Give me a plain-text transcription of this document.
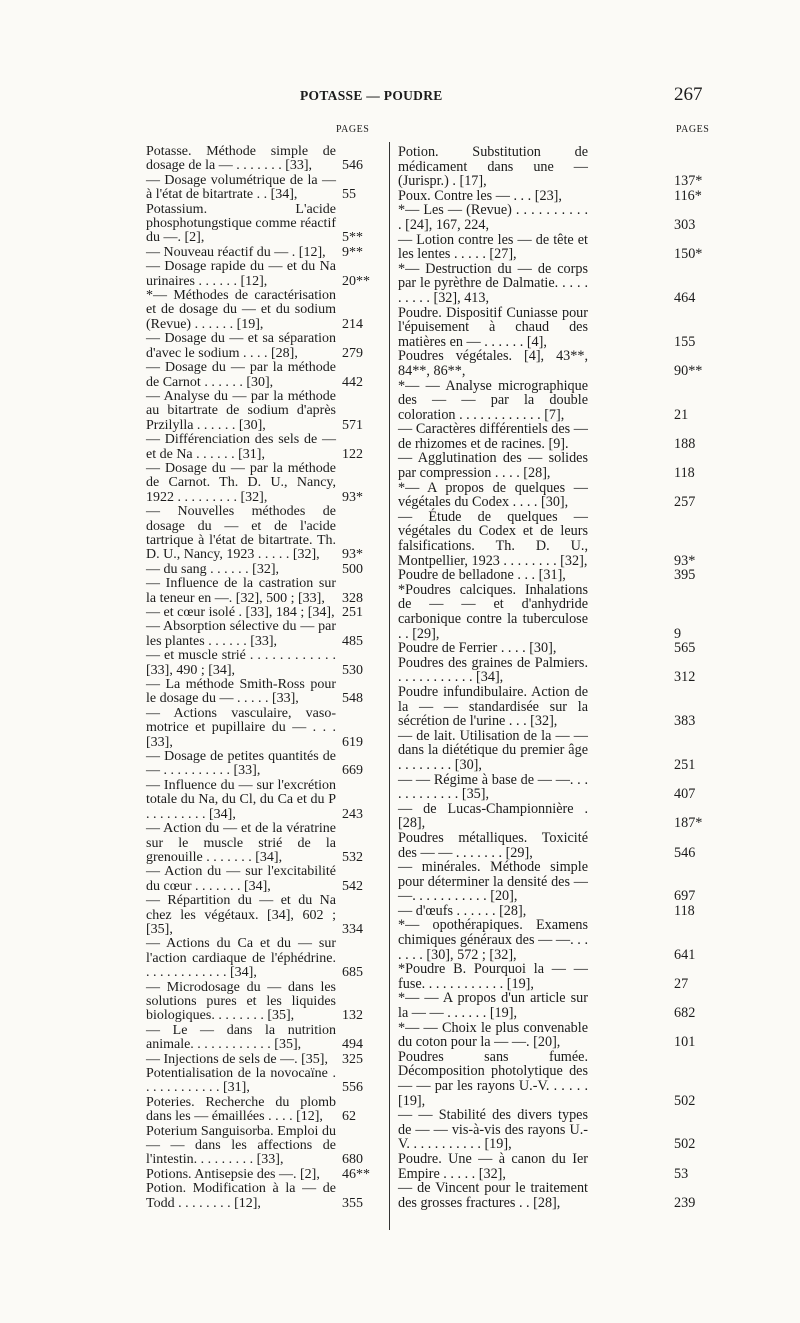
POTASSE — POUDRE	267
PAGES

Potasse. Méthode simple de dosage de la — . . . . . . . [33], 546

— Dosage volumétrique de la — à l'état de bitartrate . . [34],	55

Potassium. L'acide phosphotungstique comme réactif du —. [2],	5**

— Nouveau réactif du — . [12], 9**

— Dosage rapide du — et du Na urinaires . . . . . . [12],	20**

*— Méthodes de caractérisation et de dosage du — et du sodium (Revue) . . . . . . [19],	214

— Dosage du — et sa séparation d'avec le sodium . . . . [28],	279

— Dosage du — par la méthode de Carnot . . . . . . [30],	442

— Analyse du — par la méthode au bitartrate de sodium d'après Przilylla . . . . . . [30],	571

— Différenciation des sels de — et de Na . . . . . . [31],	122

— Dosage du — par la méthode de Carnot. Th. D. U., Nancy, 1922 . . . . . . . . . [32],	93*

— Nouvelles méthodes de dosage du — et de l'acide tartrique à l'état de bitartrate. Th. D. U., Nancy, 1923 . . . . . [32], 93*

— du sang . . . . . . [32],	500

— Influence de la castration sur la teneur en —. [32], 500 ; [33], 328

— et cœur isolé . [33], 184 ; [34], 251

— Absorption sélective du — par les plantes . . . . . . [33],	485

— et muscle strié . . . . . . . . . . . . [33], 490 ; [34],	530

— La méthode Smith-Ross pour le dosage du — . . . . . [33],	548

— Actions vasculaire, vaso-motrice et pupillaire du — . . . [33],	619

— Dosage de petites quantités de — . . . . . . . . . . [33],	669

— Influence du — sur l'excrétion totale du Na, du Cl, du Ca et du P . . . . . . . . . [34],	243

— Action du — et de la vératrine sur le muscle strié de la grenouille . . . . . . . [34],	532

— Action du — sur l'excitabilité du cœur . . . . . . . [34],	542

— Répartition du — et du Na chez les végétaux. [34], 602 ; [35],	334

— Actions du Ca et du — sur l'action cardiaque de l'éphédrine. . . . . . . . . . . . . [34],	685

— Microdosage du — dans les solutions pures et les liquides biologiques. . . . . . . . [35],	132

— Le — dans la nutrition animale. . . . . . . . . . . . [35],	494

— Injections de sels de —. [35], 325

Potentialisation de la novocaïne . . . . . . . . . . . . [31],	556

Poteries. Recherche du plomb dans les — émaillées . . . . [12], 62

Poterium Sanguisorba. Emploi du — — dans les affections de l'intestin. . . . . . . . . [33],	680

Potions. Antisepsie des —. [2], 46**

Potion. Modification à la — de Todd . . . . . . . . [12],	355

PAGES

Potion. Substitution de médicament dans une — (Jurispr.) . [17],	137*

Poux. Contre les — . . . [23],	116*

*— Les — (Revue) . . . . . . . . . . . [24], 167, 224,	303

— Lotion contre les — de tête et les lentes . . . . . [27],	150*

*— Destruction du — de corps par le pyrèthre de Dalmatie. . . . . . . . . . [32], 413,	464

Poudre. Dispositif Cuniasse pour l'épuisement à chaud des matières en — . . . . . . [4],	155

Poudres végétales. [4], 43**, 84**, 86**,	90**

*— — Analyse micrographique des — — par la double coloration . . . . . . . . . . . . [7],	21

— Caractères différentiels des — de rhizomes et de racines. [9].	188

— Agglutination des — solides par compression . . . . [28],	118

*— A propos de quelques — végétales du Codex . . . . [30],	257

— Étude de quelques — végétales du Codex et de leurs falsifications. Th. D. U., Montpellier, 1923 . . . . . . . . [32],	93*

Poudre de belladone . . . [31],	395

*Poudres calciques. Inhalations de — — et d'anhydride carbonique contre la tuberculose . . [29],	9

Poudre de Ferrier . . . . [30],	565

Poudres des graines de Palmiers. . . . . . . . . . . . [34],	312

Poudre infundibulaire. Action de la — — standardisée sur la sécrétion de l'urine . . . [32],	383

— de lait. Utilisation de la — — dans la diététique du premier âge . . . . . . . . [30],	251

— — Régime à base de — —. . . . . . . . . . . . [35],	407

— de Lucas-Championnière . [28],	187*

Poudres métalliques. Toxicité des — — . . . . . . . [29],	546

— minérales. Méthode simple pour déterminer la densité des — —. . . . . . . . . . . [20],	697

— d'œufs . . . . . . [28],	118

*— opothérapiques. Examens chimiques généraux des — —. . . . . . . [30], 572 ; [32],	641

*Poudre B. Pourquoi la — — fuse. . . . . . . . . . . . [19],	27

*— — A propos d'un article sur la — — . . . . . . [19],	682

*— — Choix le plus convenable du coton pour la — —. [20],	101

Poudres sans fumée. Décomposition photolytique des — — par les rayons U.-V. . . . . . [19],	502

— — Stabilité des divers types de — — vis-à-vis des rayons U.-V. . . . . . . . . . . [19],	502

Poudre. Une — à canon du Ier Empire . . . . . [32],	53

— de Vincent pour le traitement des grosses fractures . . [28],	239
